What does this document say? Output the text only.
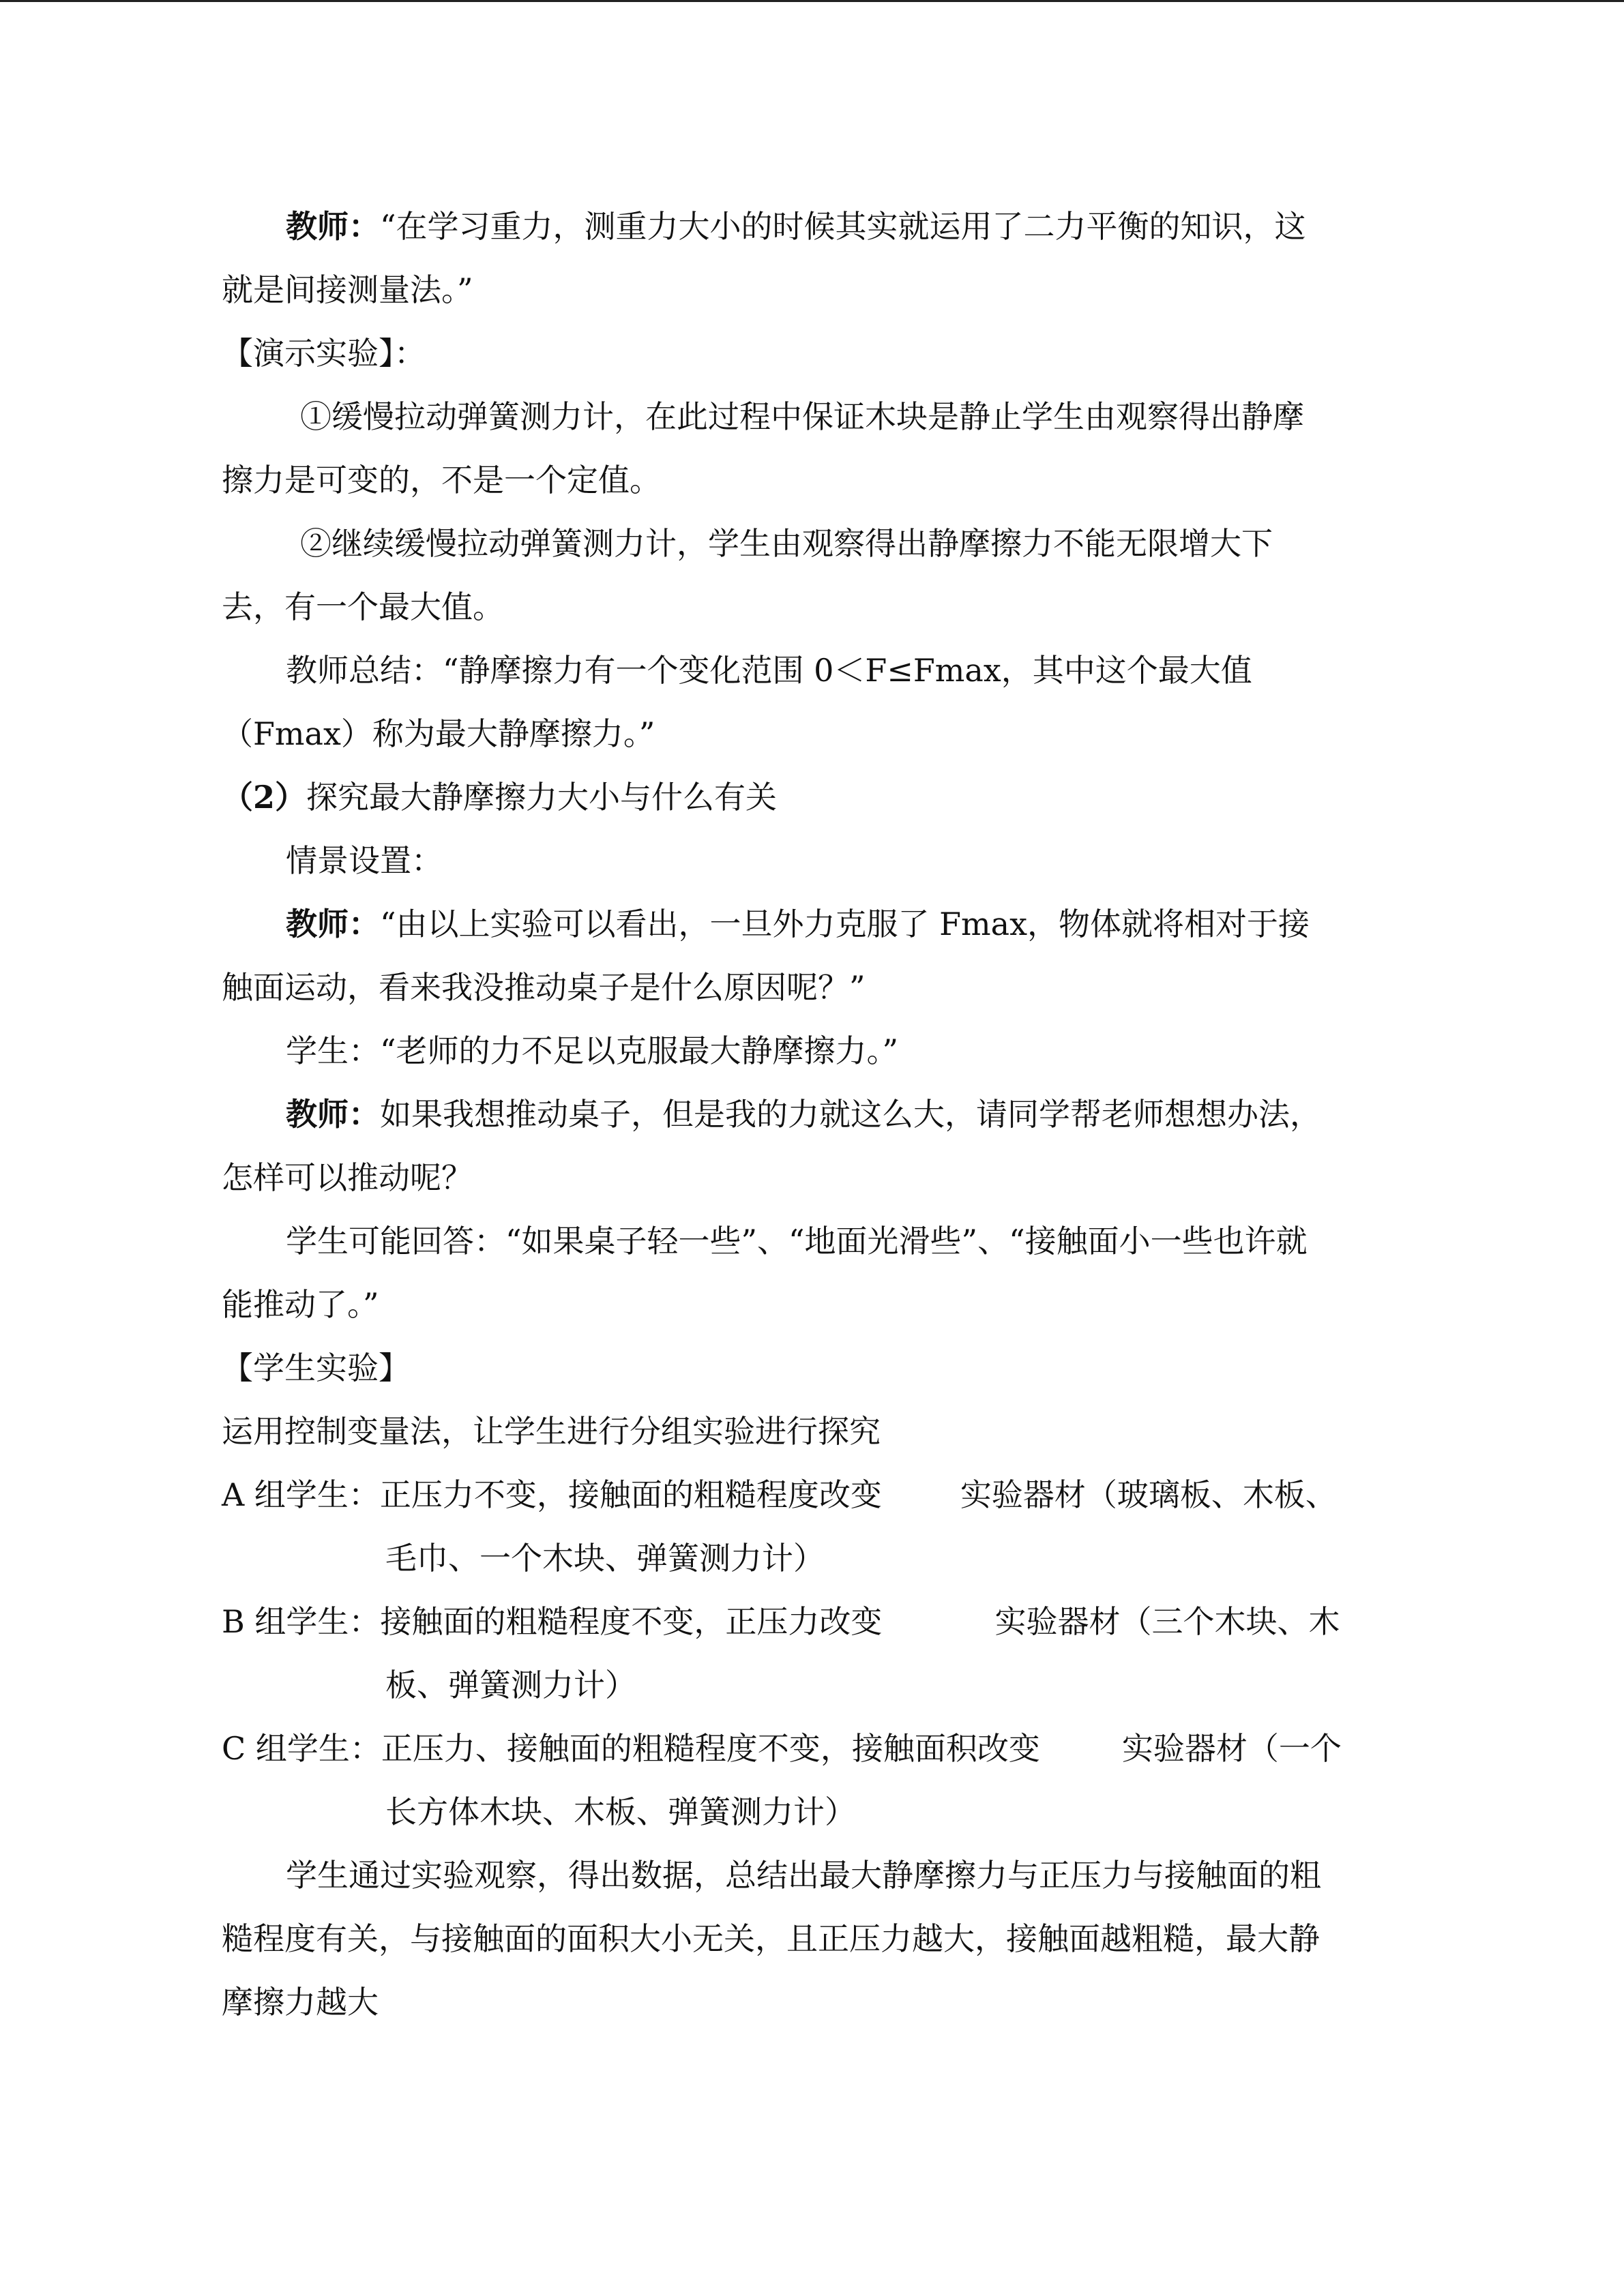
教师：“在学习重力，测重力大小的时候其实就运用了二力平衡的知识，这
就是间接测量法。”
【演示实验】：
①缓慢拉动弹簧测力计，在此过程中保证木块是静止学生由观察得出静摩
擦力是可变的，不是一个定值。
②继续缓慢拉动弹簧测力计，学生由观察得出静摩擦力不能无限增大下
去，有一个最大值。
教师总结：“静摩擦力有一个变化范围 0＜F≤Fmax，其中这个最大值
（Fmax）称为最大静摩擦力。”
（2）探究最大静摩擦力大小与什么有关
情景设置：
教师：“由以上实验可以看出，一旦外力克服了 Fmax，物体就将相对于接
触面运动，看来我没推动桌子是什么原因呢？”
学生：“老师的力不足以克服最大静摩擦力。”
教师：如果我想推动桌子，但是我的力就这么大，请同学帮老师想想办法，
怎样可以推动呢？
学生可能回答：“如果桌子轻一些”、“地面光滑些”、“接触面小一些也许就
能推动了。”
【学生实验】
运用控制变量法，让学生进行分组实验进行探究
A 组学生：正压力不变，接触面的粗糙程度改变	实验器材（玻璃板、木板、
毛巾、一个木块、弹簧测力计）
B 组学生：接触面的粗糙程度不变，正压力改变	实验器材（三个木块、木
板、弹簧测力计）
C 组学生：正压力、接触面的粗糙程度不变，接触面积改变	实验器材（一个
长方体木块、木板、弹簧测力计）
学生通过实验观察，得出数据，总结出最大静摩擦力与正压力与接触面的粗
糙程度有关，与接触面的面积大小无关，且正压力越大，接触面越粗糙，最大静
摩擦力越大
